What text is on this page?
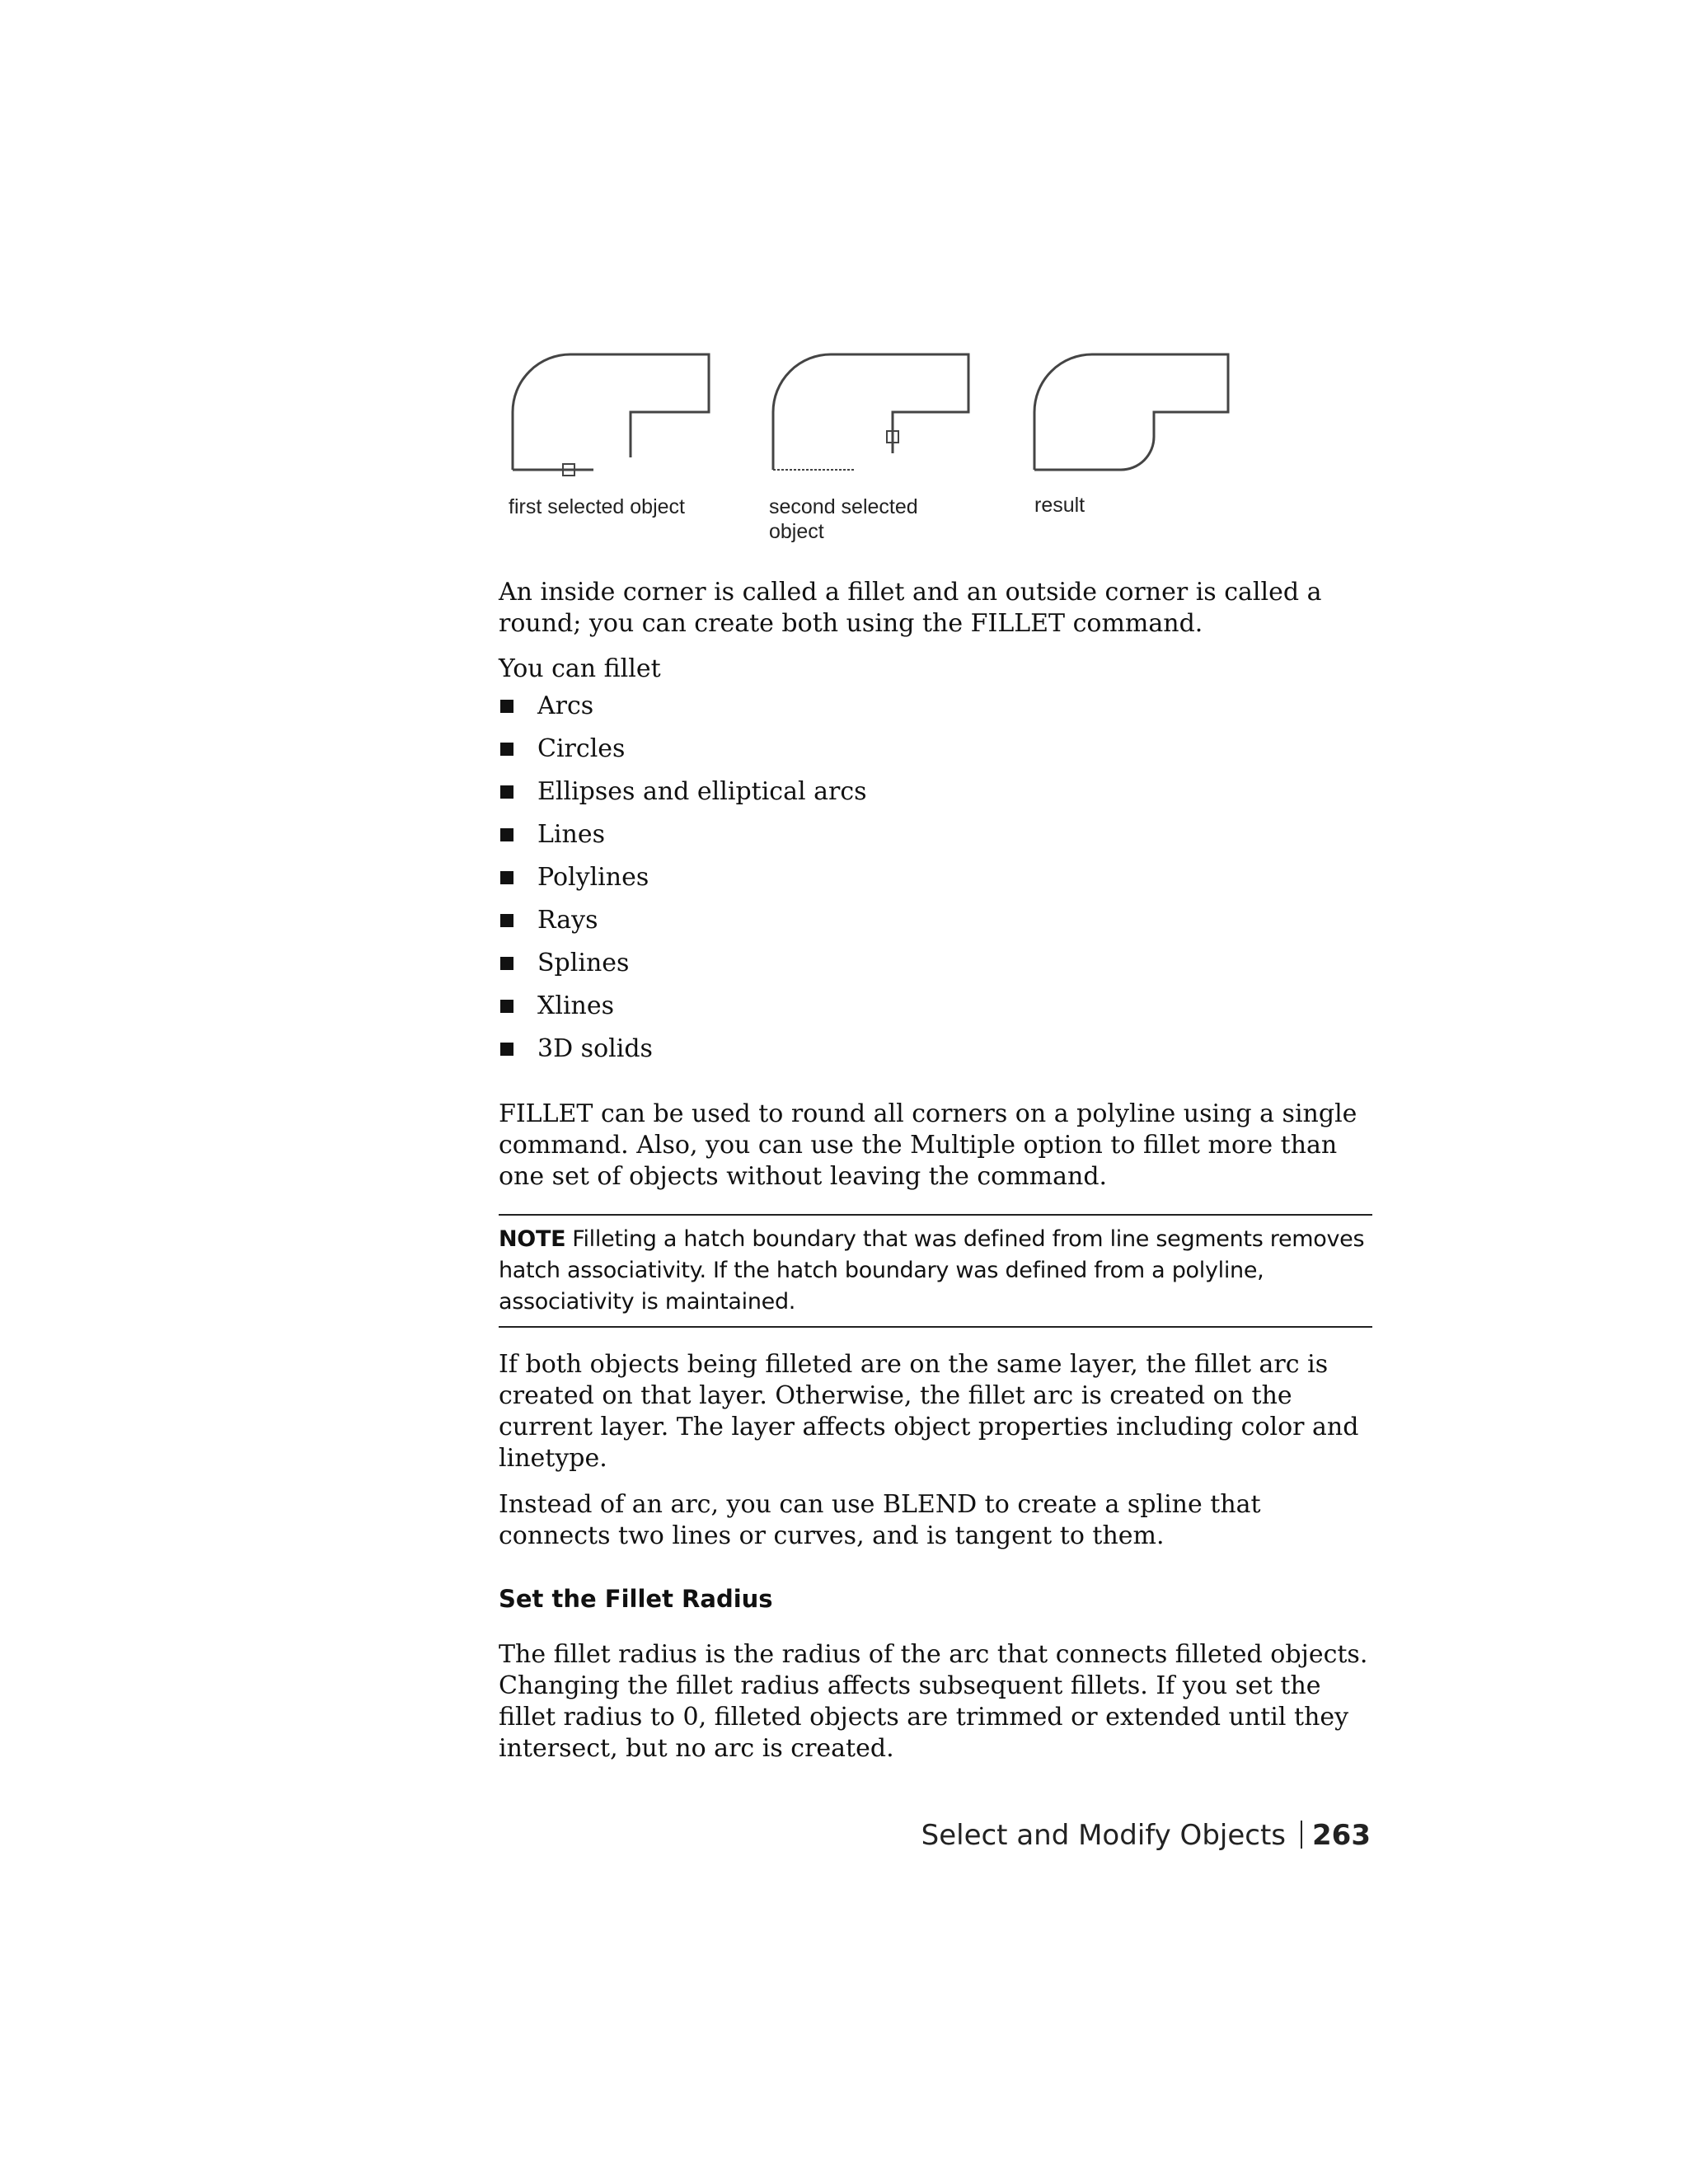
first selected object	second selected
object
result

An inside corner is called a fillet and an outside corner is called a round; you can create both using the FILLET command.

You can fillet

Arcs
Circles
Ellipses and elliptical arcs
Lines
Polylines
Rays
Splines
Xlines
3D solids

FILLET can be used to round all corners on a polyline using a single command. Also, you can use the Multiple option to fillet more than one set of objects without leaving the command.

NOTE Filleting a hatch boundary that was defined from line segments removes hatch associativity. If the hatch boundary was defined from a polyline, associativity is maintained.

If both objects being filleted are on the same layer, the fillet arc is created on that layer. Otherwise, the fillet arc is created on the current layer. The layer affects object properties including color and linetype.

Instead of an arc, you can use BLEND to create a spline that connects two lines or curves, and is tangent to them.

Set the Fillet Radius

The fillet radius is the radius of the arc that connects filleted objects. Changing the fillet radius affects subsequent fillets. If you set the fillet radius to 0, filleted objects are trimmed or extended until they intersect, but no arc is created.

Select and Modify Objects 263
